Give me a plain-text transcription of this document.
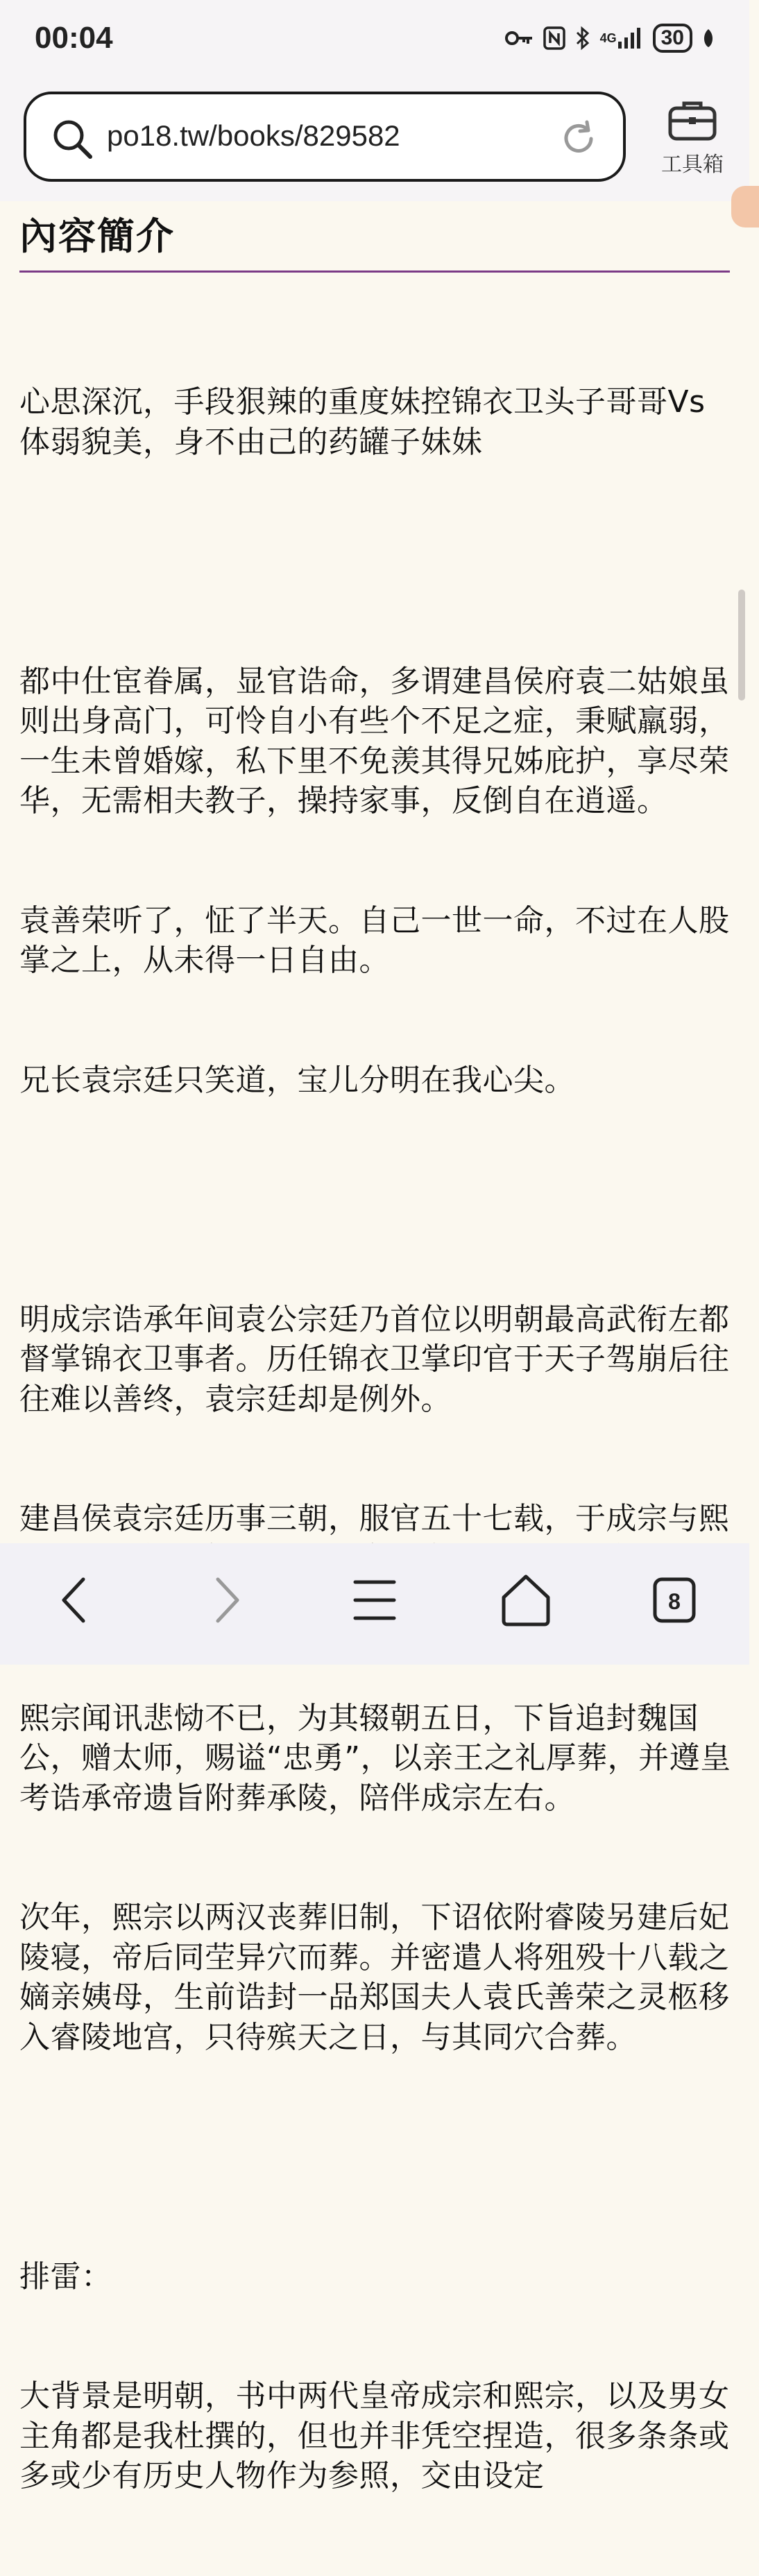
00:04	4G	30
po18.tw/books/829582
工具箱
內容簡介

心思深沉，手段狠辣的重度妹控锦衣卫头子哥哥Vs 体弱貌美，身不由己的药罐子妹妹

都中仕宦眷属，显官诰命，多谓建昌侯府袁二姑娘虽则出身高门，可怜自小有些个不足之症，秉赋羸弱，一生未曾婚嫁，私下里不免羡其得兄姊庇护，享尽荣华，无需相夫教子，操持家事，反倒自在逍遥。

袁善荣听了，怔了半天。自己一世一命，不过在人股掌之上，从未得一日自由。

兄长袁宗廷只笑道，宝儿分明在我心尖。

明成宗诰承年间袁公宗廷乃首位以明朝最高武衔左都督掌锦衣卫事者。历任锦衣卫掌印官于天子驾崩后往往难以善终，袁宗廷却是例外。

建昌侯袁宗廷历事三朝，服官五十七载，于成宗与熙

熙宗闻讯悲恸不已，为其辍朝五日，下旨追封魏国公，赠太师，赐谥“忠勇”，以亲王之礼厚葬，并遵皇考诰承帝遗旨附葬承陵，陪伴成宗左右。

次年，熙宗以两汉丧葬旧制，下诏依附睿陵另建后妃陵寝，帝后同茔异穴而葬。并密遣人将殂殁十八载之嫡亲姨母，生前诰封一品郑国夫人袁氏善荣之灵柩移入睿陵地宫，只待殡天之日，与其同穴合葬。

排雷：

大背景是明朝，书中两代皇帝成宗和熙宗，以及男女主角都是我杜撰的，但也并非凭空捏造，很多条条或多或少有历史人物作为参照，交由设定

8
